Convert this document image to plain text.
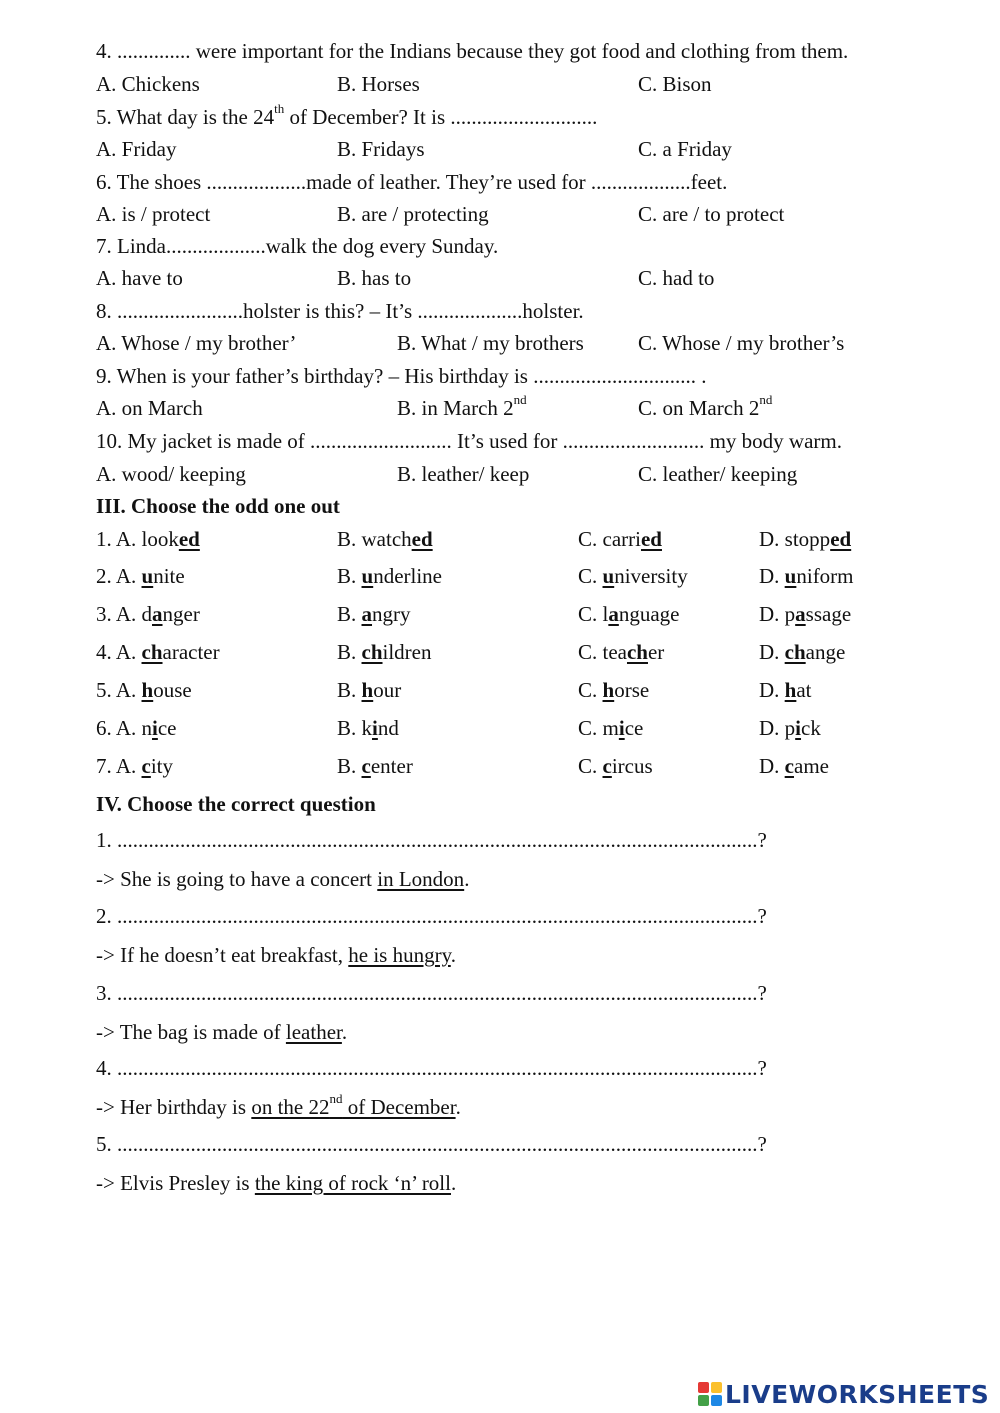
4. .............. were important for the Indians because they got food and clothing from them.
A. Chickens	B. Horses	C. Bison
5. What day is the 24th of December? It is ............................
A. Friday	B. Fridays	C. a Friday
6. The shoes ...................made of leather. They’re used for ...................feet.
A. is / protect	B. are / protecting	C. are / to protect
7. Linda...................walk the dog every Sunday.
A. have to	B. has to	C. had to
8. ........................holster is this? – It’s ....................holster.
A. Whose / my brother’	B. What / my brothers	C. Whose / my brother’s
9. When is your father’s birthday? – His birthday is ............................... .
A. on March	B. in March 2nd	C. on March 2nd
10. My jacket is made of ........................... It’s used for ........................... my body warm.
A. wood/ keeping	B. leather/ keep	C. leather/ keeping
III. Choose the odd one out
1. A. looked	B. watched	C. carried	D. stopped
2. A. unite	B. underline	C. university	D. uniform
3. A. danger	B. angry	C. language	D. passage
4. A. character	B. children	C. teacher	D. change
5. A. house	B. hour	C. horse	D. hat
6. A. nice	B. kind	C. mice	D. pick
7. A. city	B. center	C. circus	D. came
IV. Choose the correct question
1. ..........................................................................................................................?
-> She is going to have a concert in London.
2. ..........................................................................................................................?
-> If he doesn’t eat breakfast, he is hungry.
3. ..........................................................................................................................?
-> The bag is made of leather.
4. ..........................................................................................................................?
-> Her birthday is on the 22nd of December.
5. ..........................................................................................................................?
-> Elvis Presley is the king of rock ‘n’ roll.
LIVEWORKSHEETS
